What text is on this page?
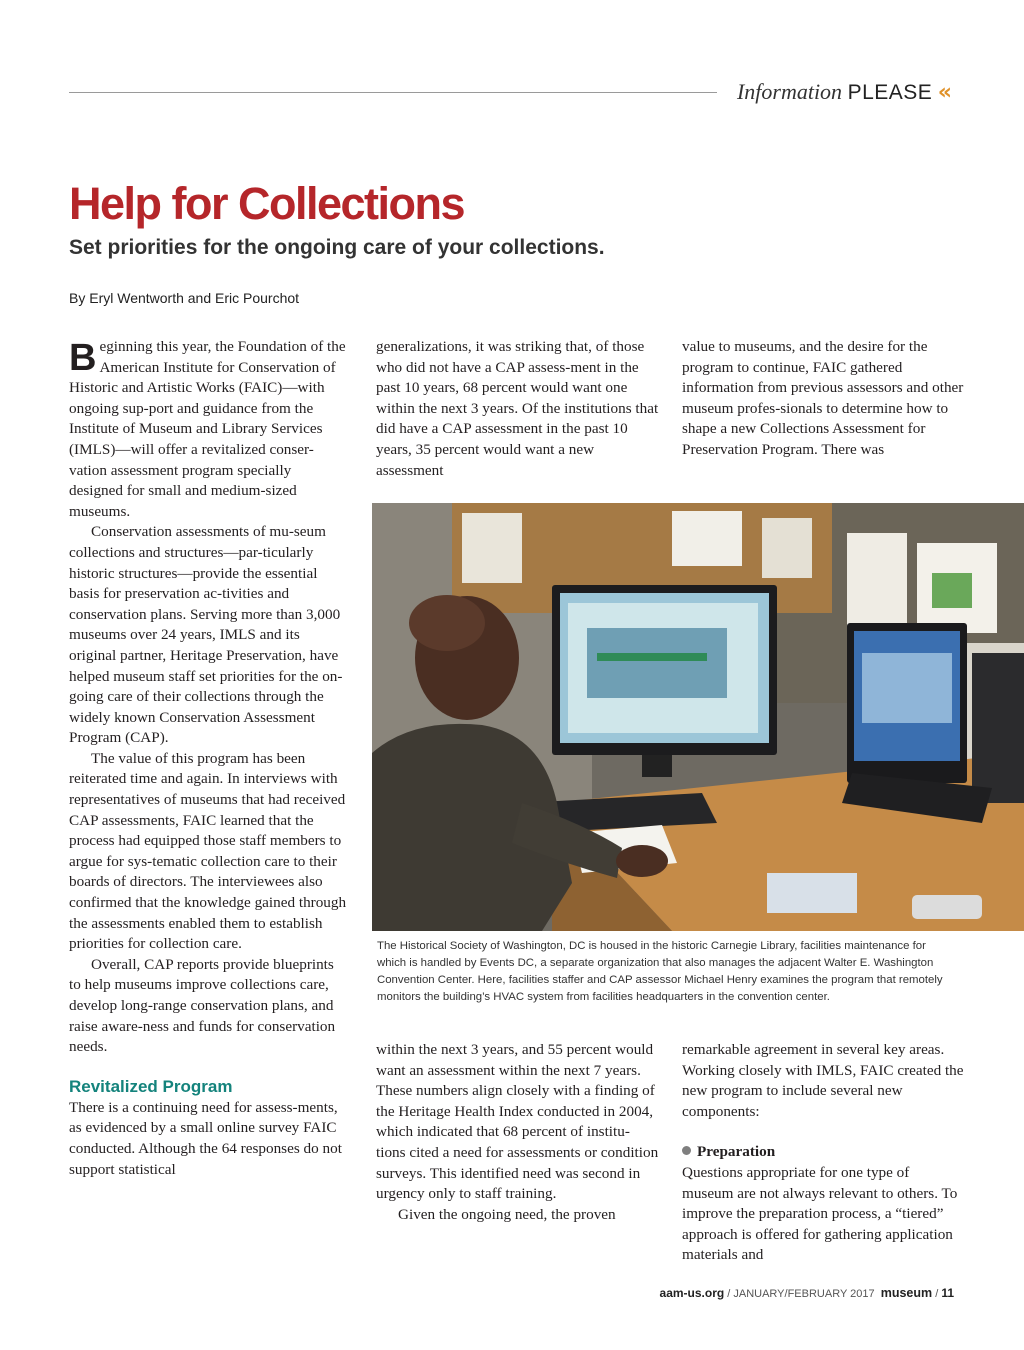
Information PLEASE «
Help for Collections
Set priorities for the ongoing care of your collections.
By Eryl Wentworth and Eric Pourchot

Beginning this year, the Foundation of the American Institute for Conservation of Historic and Artistic Works (FAIC)—with ongoing sup-port and guidance from the Institute of Museum and Library Services (IMLS)—will offer a revitalized conser-vation assessment program specially designed for small and medium-sized museums.

Conservation assessments of mu-seum collections and structures—par-ticularly historic structures—provide the essential basis for preservation ac-tivities and conservation plans. Serving more than 3,000 museums over 24 years, IMLS and its original partner, Heritage Preservation, have helped museum staff set priorities for the on-going care of their collections through the widely known Conservation Assessment Program (CAP).

The value of this program has been reiterated time and again. In interviews with representatives of museums that had received CAP assessments, FAIC learned that the process had equipped those staff members to argue for sys-tematic collection care to their boards of directors. The interviewees also confirmed that the knowledge gained through the assessments enabled them to establish priorities for collection care.

Overall, CAP reports provide blueprints to help museums improve collections care, develop long-range conservation plans, and raise aware-ness and funds for conservation needs.

Revitalized Program

There is a continuing need for assess-ments, as evidenced by a small online survey FAIC conducted. Although the 64 responses do not support statistical

generalizations, it was striking that, of those who did not have a CAP assess-ment in the past 10 years, 68 percent would want one within the next 3 years. Of the institutions that did have a CAP assessment in the past 10 years, 35 percent would want a new assessment

value to museums, and the desire for the program to continue, FAIC gathered information from previous assessors and other museum profes-sionals to determine how to shape a new Collections Assessment for Preservation Program. There was

The Historical Society of Washington, DC is housed in the historic Carnegie Library, facilities maintenance for which is handled by Events DC, a separate organization that also manages the adjacent Walter E. Washington Convention Center. Here, facilities staffer and CAP assessor Michael Henry examines the program that remotely monitors the building’s HVAC system from facilities headquarters in the convention center.

within the next 3 years, and 55 percent would want an assessment within the next 7 years. These numbers align closely with a finding of the Heritage Health Index conducted in 2004, which indicated that 68 percent of institu-tions cited a need for assessments or condition surveys. This identified need was second in urgency only to staff training.

Given the ongoing need, the proven

remarkable agreement in several key areas. Working closely with IMLS, FAIC created the new program to include several new components:

Preparation

Questions appropriate for one type of museum are not always relevant to others. To improve the preparation process, a “tiered” approach is offered for gathering application materials and

aam-us.org / JANUARY/FEBRUARY 2017 museum / 11
